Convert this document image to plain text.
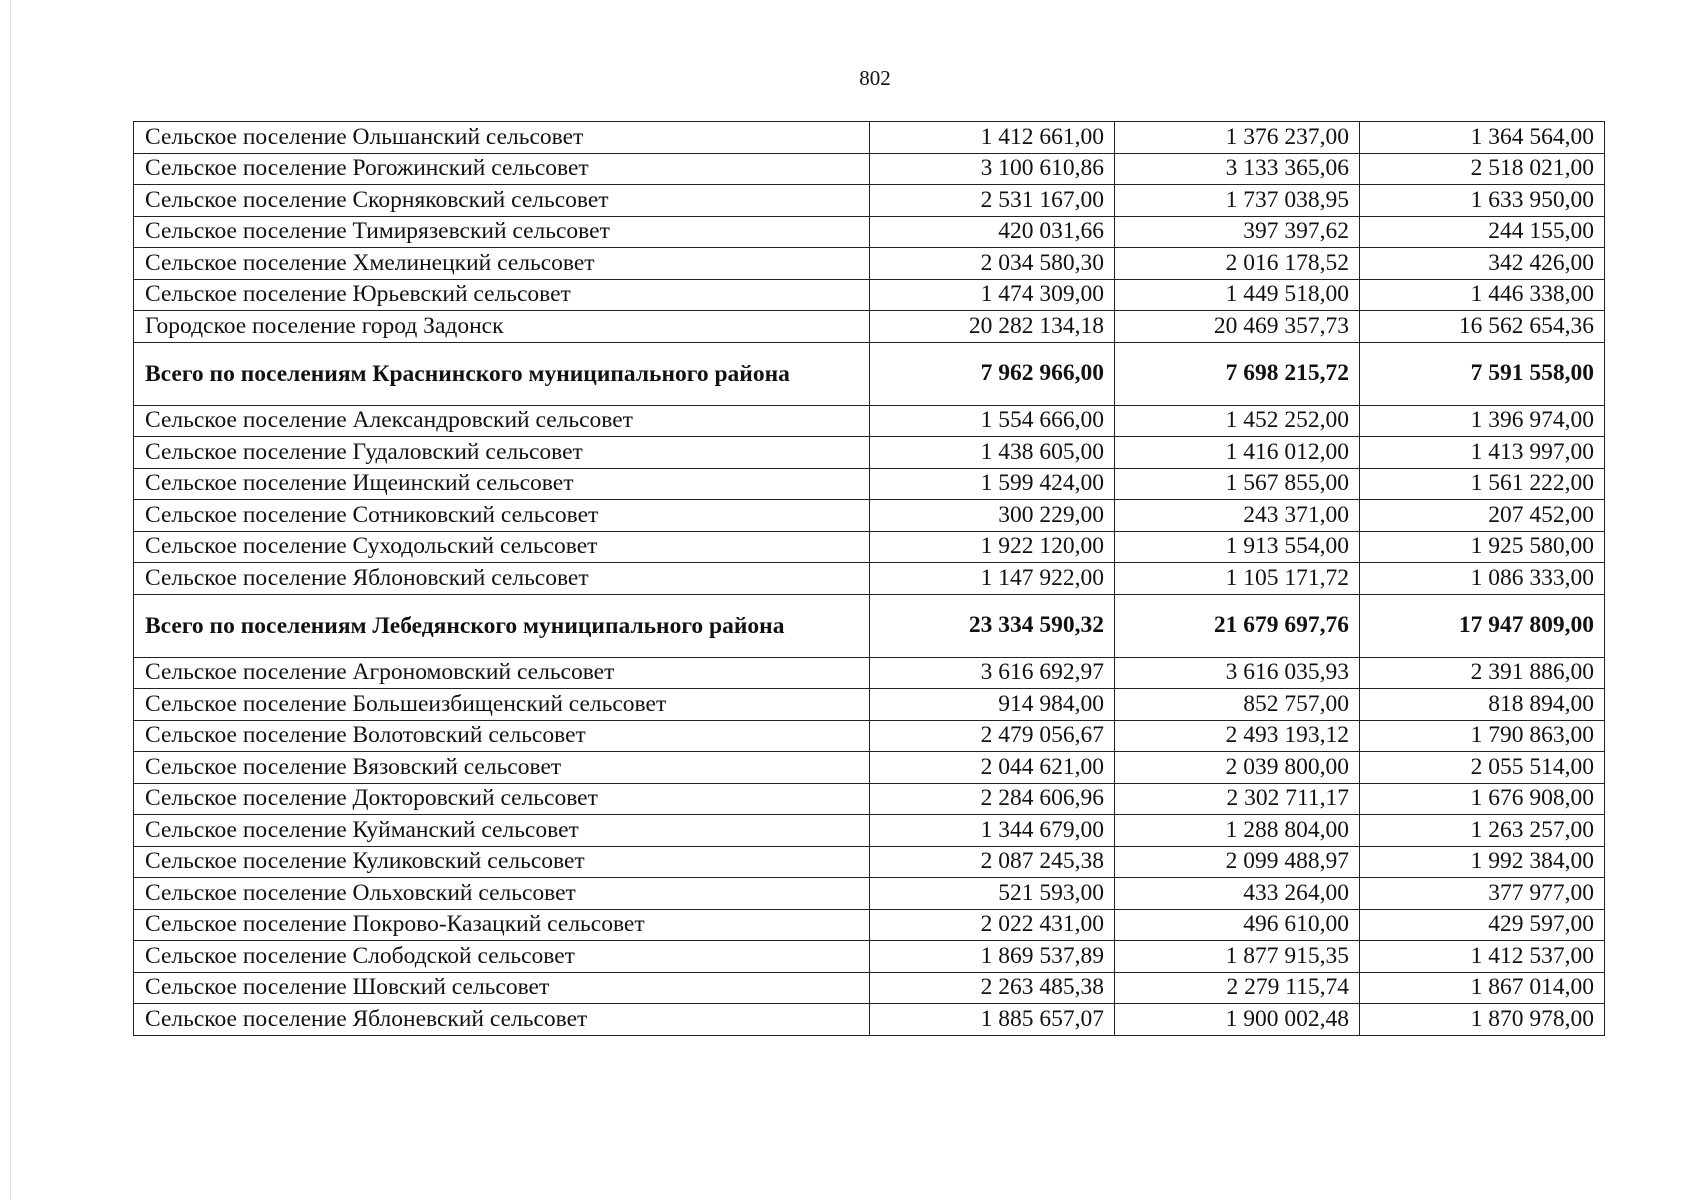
802
Сельское поселение Ольшанский сельсовет	1 412 661,00	1 376 237,00	1 364 564,00
Сельское поселение Рогожинский сельсовет	3 100 610,86	3 133 365,06	2 518 021,00
Сельское поселение Скорняковский сельсовет	2 531 167,00	1 737 038,95	1 633 950,00
Сельское поселение Тимирязевский сельсовет	420 031,66	397 397,62	244 155,00
Сельское поселение Хмелинецкий сельсовет	2 034 580,30	2 016 178,52	342 426,00
Сельское поселение Юрьевский сельсовет	1 474 309,00	1 449 518,00	1 446 338,00
Городское поселение город Задонск	20 282 134,18	20 469 357,73	16 562 654,36
Всего по поселениям Краснинского муниципального района	7 962 966,00	7 698 215,72	7 591 558,00
Сельское поселение Александровский сельсовет	1 554 666,00	1 452 252,00	1 396 974,00
Сельское поселение Гудаловский сельсовет	1 438 605,00	1 416 012,00	1 413 997,00
Сельское поселение Ищеинский сельсовет	1 599 424,00	1 567 855,00	1 561 222,00
Сельское поселение Сотниковский сельсовет	300 229,00	243 371,00	207 452,00
Сельское поселение Суходольский сельсовет	1 922 120,00	1 913 554,00	1 925 580,00
Сельское поселение Яблоновский сельсовет	1 147 922,00	1 105 171,72	1 086 333,00
Всего по поселениям Лебедянского муниципального района	23 334 590,32	21 679 697,76	17 947 809,00
Сельское поселение Агрономовский сельсовет	3 616 692,97	3 616 035,93	2 391 886,00
Сельское поселение Большеизбищенский сельсовет	914 984,00	852 757,00	818 894,00
Сельское поселение Волотовский сельсовет	2 479 056,67	2 493 193,12	1 790 863,00
Сельское поселение Вязовский сельсовет	2 044 621,00	2 039 800,00	2 055 514,00
Сельское поселение Докторовский сельсовет	2 284 606,96	2 302 711,17	1 676 908,00
Сельское поселение Куйманский сельсовет	1 344 679,00	1 288 804,00	1 263 257,00
Сельское поселение Куликовский сельсовет	2 087 245,38	2 099 488,97	1 992 384,00
Сельское поселение Ольховский сельсовет	521 593,00	433 264,00	377 977,00
Сельское поселение Покрово-Казацкий сельсовет	2 022 431,00	496 610,00	429 597,00
Сельское поселение Слободской сельсовет	1 869 537,89	1 877 915,35	1 412 537,00
Сельское поселение Шовский сельсовет	2 263 485,38	2 279 115,74	1 867 014,00
Сельское поселение Яблоневский сельсовет	1 885 657,07	1 900 002,48	1 870 978,00
